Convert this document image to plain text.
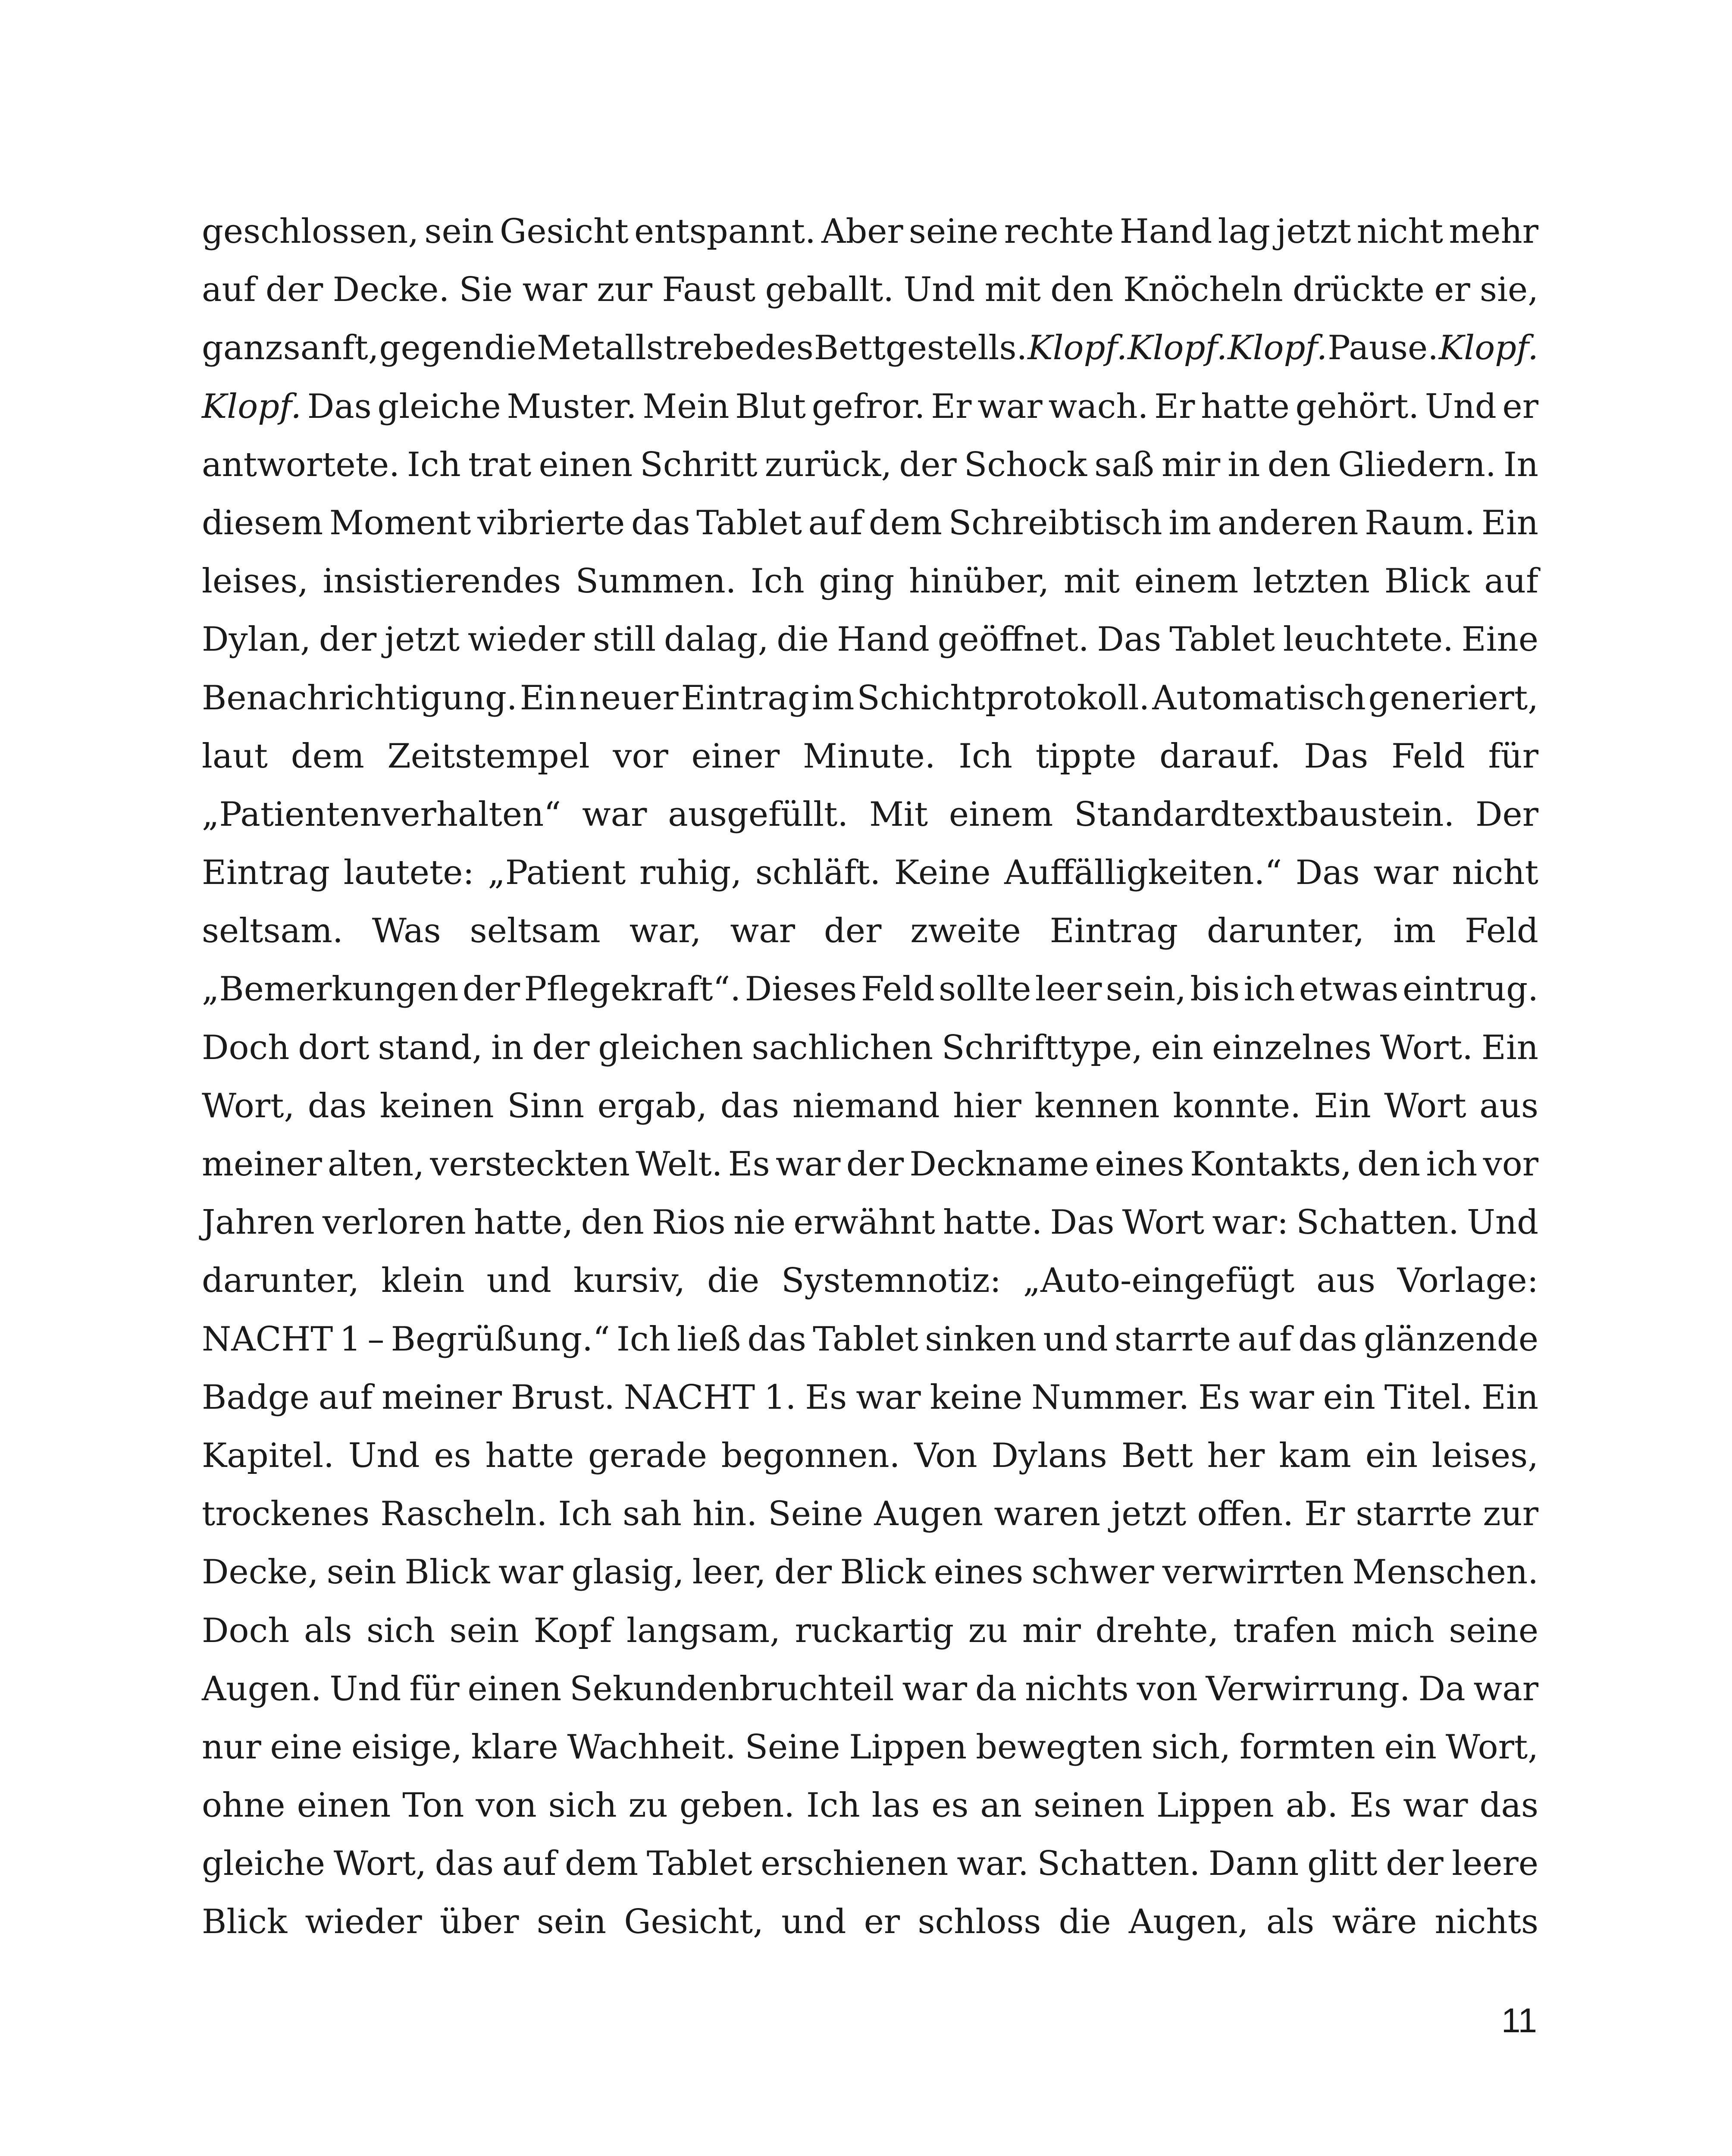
geschlossen, sein Gesicht entspannt. Aber seine rechte Hand lag jetzt nicht mehr
auf der Decke. Sie war zur Faust geballt. Und mit den Knöcheln drückte er sie,
ganz sanft, gegen die Metallstrebe des Bettgestells. Klopf. Klopf. Klopf. Pause. Klopf.
Klopf. Das gleiche Muster. Mein Blut gefror. Er war wach. Er hatte gehört. Und er
antwortete. Ich trat einen Schritt zurück, der Schock saß mir in den Gliedern. In
diesem Moment vibrierte das Tablet auf dem Schreibtisch im anderen Raum. Ein
leises, insistierendes Summen. Ich ging hinüber, mit einem letzten Blick auf
Dylan, der jetzt wieder still dalag, die Hand geöffnet. Das Tablet leuchtete. Eine
Benachrichtigung. Ein neuer Eintrag im Schichtprotokoll. Automatisch generiert,
laut dem Zeitstempel vor einer Minute. Ich tippte darauf. Das Feld für
„Patientenverhalten“ war ausgefüllt. Mit einem Standardtextbaustein. Der
Eintrag lautete: „Patient ruhig, schläft. Keine Auffälligkeiten.“ Das war nicht
seltsam. Was seltsam war, war der zweite Eintrag darunter, im Feld
„Bemerkungen der Pflegekraft“. Dieses Feld sollte leer sein, bis ich etwas eintrug.
Doch dort stand, in der gleichen sachlichen Schrifttype, ein einzelnes Wort. Ein
Wort, das keinen Sinn ergab, das niemand hier kennen konnte. Ein Wort aus
meiner alten, versteckten Welt. Es war der Deckname eines Kontakts, den ich vor
Jahren verloren hatte, den Rios nie erwähnt hatte. Das Wort war: Schatten. Und
darunter, klein und kursiv, die Systemnotiz: „Auto-eingefügt aus Vorlage:
NACHT 1 – Begrüßung.“ Ich ließ das Tablet sinken und starrte auf das glänzende
Badge auf meiner Brust. NACHT 1. Es war keine Nummer. Es war ein Titel. Ein
Kapitel. Und es hatte gerade begonnen. Von Dylans Bett her kam ein leises,
trockenes Rascheln. Ich sah hin. Seine Augen waren jetzt offen. Er starrte zur
Decke, sein Blick war glasig, leer, der Blick eines schwer verwirrten Menschen.
Doch als sich sein Kopf langsam, ruckartig zu mir drehte, trafen mich seine
Augen. Und für einen Sekundenbruchteil war da nichts von Verwirrung. Da war
nur eine eisige, klare Wachheit. Seine Lippen bewegten sich, formten ein Wort,
ohne einen Ton von sich zu geben. Ich las es an seinen Lippen ab. Es war das
gleiche Wort, das auf dem Tablet erschienen war. Schatten. Dann glitt der leere
Blick wieder über sein Gesicht, und er schloss die Augen, als wäre nichts
11
